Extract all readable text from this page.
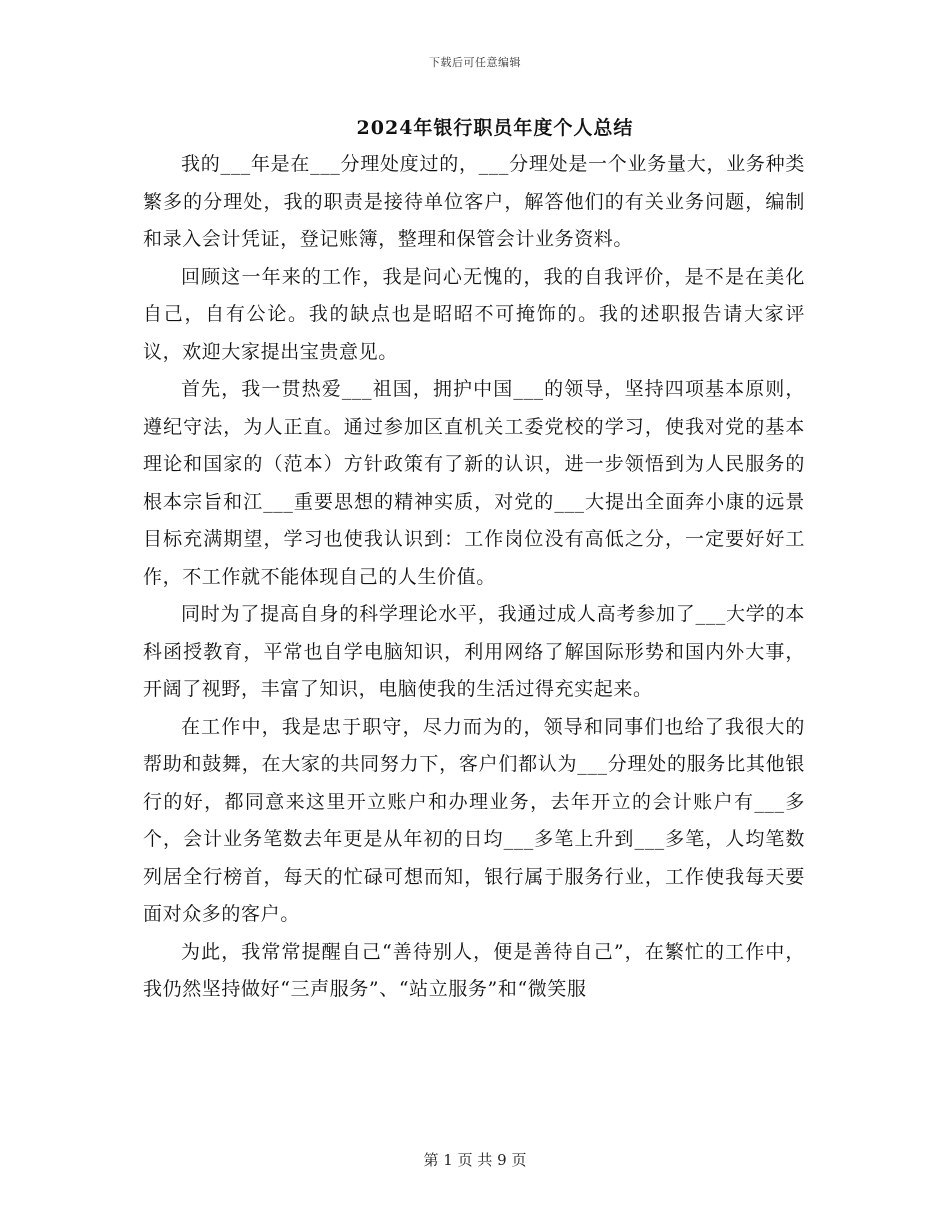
下载后可任意编辑
2024年银行职员年度个人总结

我的___年是在___分理处度过的，___分理处是一个业务量大，业务种类繁多的分理处，我的职责是接待单位客户，解答他们的有关业务问题，编制和录入会计凭证，登记账簿，整理和保管会计业务资料。

回顾这一年来的工作，我是问心无愧的，我的自我评价，是不是在美化自己，自有公论。我的缺点也是昭昭不可掩饰的。我的述职报告请大家评议，欢迎大家提出宝贵意见。

首先，我一贯热爱___祖国，拥护中国___的领导，坚持四项基本原则，遵纪守法，为人正直。通过参加区直机关工委党校的学习，使我对党的基本理论和国家的（范本）方针政策有了新的认识，进一步领悟到为人民服务的根本宗旨和江___重要思想的精神实质，对党的___大提出全面奔小康的远景目标充满期望，学习也使我认识到：工作岗位没有高低之分，一定要好好工作，不工作就不能体现自己的人生价值。

同时为了提高自身的科学理论水平，我通过成人高考参加了___大学的本科函授教育，平常也自学电脑知识，利用网络了解国际形势和国内外大事，开阔了视野，丰富了知识，电脑使我的生活过得充实起来。

在工作中，我是忠于职守，尽力而为的，领导和同事们也给了我很大的帮助和鼓舞，在大家的共同努力下，客户们都认为___分理处的服务比其他银行的好，都同意来这里开立账户和办理业务，去年开立的会计账户有___多个，会计业务笔数去年更是从年初的日均___多笔上升到___多笔，人均笔数列居全行榜首，每天的忙碌可想而知，银行属于服务行业，工作使我每天要面对众多的客户。

为此，我常常提醒自己“善待别人，便是善待自己”，在繁忙的工作中，我仍然坚持做好“三声服务”、“站立服务”和“微笑服

第 1 页 共 9 页
